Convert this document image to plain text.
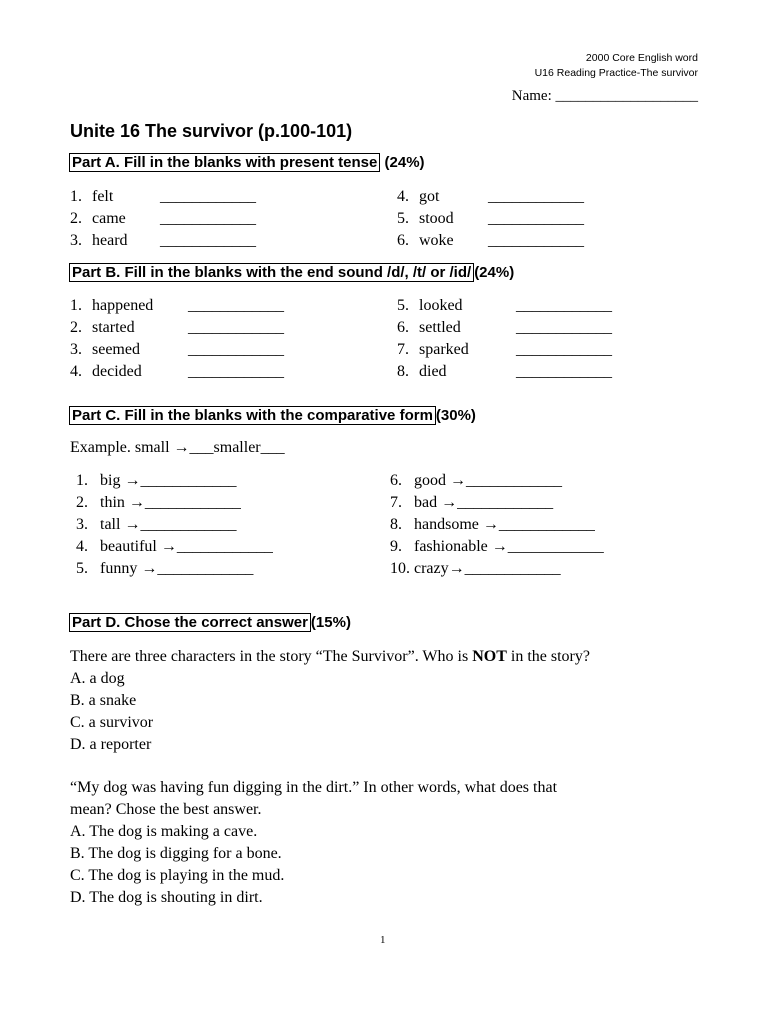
2000 Core English word
U16 Reading Practice-The survivor
Name: ___________________
Unite 16 The survivor (p.100-101)
Part A. Fill in the blanks with present tense (24%)
1. felt	____________
2. came ____________
3. heard ____________
4. got	____________
5. stood ____________
6. woke ____________
Part B. Fill in the blanks with the end sound /d/, /t/ or /id/ (24%)
1. happened ____________
2. started	____________
3. seemed	____________
4. decided	____________
5. looked	____________
6. settled	____________
7. sparked	____________
8. died	____________
Part C. Fill in the blanks with the comparative form (30%)
Example. small →___smaller___
1. big →____________
2. thin →____________
3. tall →____________
4. beautiful →____________
5. funny →____________
6. good →____________
7. bad →____________
8. handsome →____________
9. fashionable →____________
10. crazy→____________
Part D. Chose the correct answer (15%)
There are three characters in the story “The Survivor”. Who is NOT in the story?
A. a dog
B. a snake
C. a survivor
D. a reporter
“My dog was having fun digging in the dirt.” In other words, what does that
mean? Chose the best answer.
A. The dog is making a cave.
B. The dog is digging for a bone.
C. The dog is playing in the mud.
D. The dog is shouting in dirt.
1
